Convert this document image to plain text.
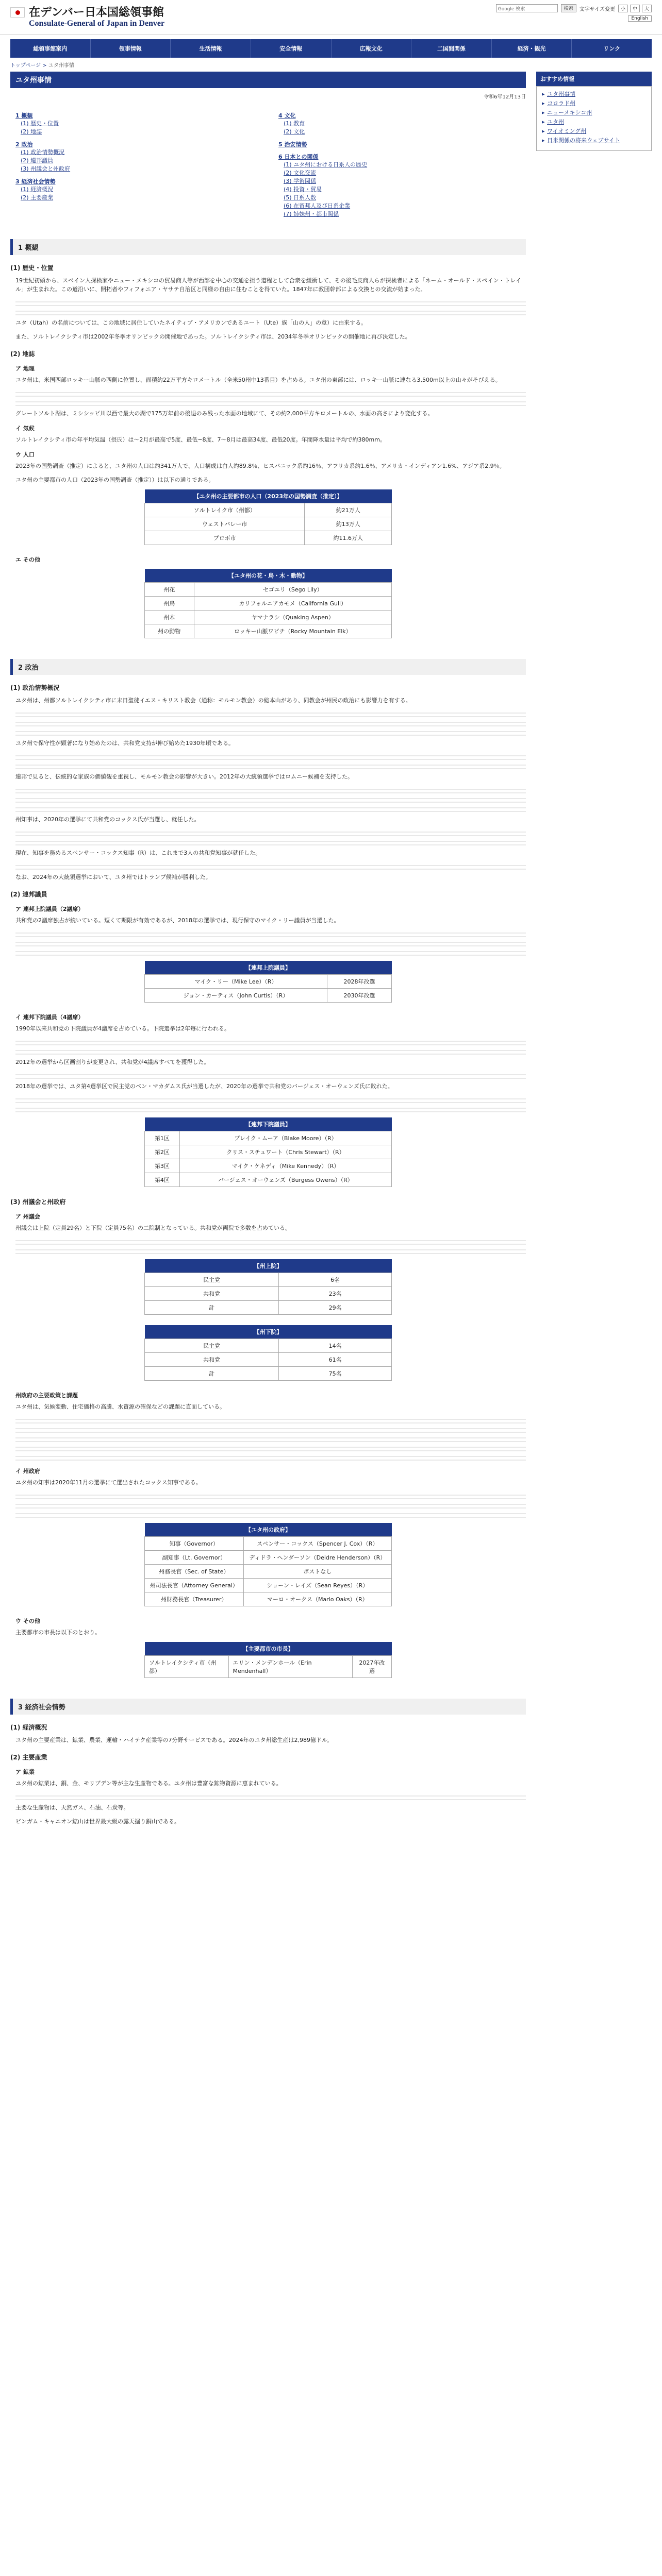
在デンバー日本国総領事館
Consulate-General of Japan in Denver
Google 検索	検索	文字サイズ変更	小	中	大
English
総領事館案内	領事情報	生活情報	安全情報	広報文化	二国間関係	経済・観光	リンク
トップページ > ユタ州事情
ユタ州事情
令和6年12月13日
1 概観
(1) 歴史・位置
(2) 地誌
2 政治
(1) 政治情勢概況
(2) 連邦議員
(3) 州議会と州政府
3 経済社会情勢
(1) 経済概況
(2) 主要産業
4 文化
(1) 教育
(2) 文化
5 治安情勢
6 日本との関係
(1) ユタ州における日系人の歴史
(2) 文化交流
(3) 学術関係
(4) 投資・貿易
(5) 日系人数
(6) 在留邦人及び日系企業
(7) 姉妹州・都市関係
1 概観
(1) 歴史・位置

19世紀初頭から、スペイン人探検家やニュー・メキシコの貿易商人等が西部を中心の交通を担う道程として合衆を緩衝して、その後毛皮商人らが探検者による「ネーム・オールド・スペイン・トレイル」が生まれた。この道沿いに、開拓者やフィフォニア・ヤサテ自治区と同様の自由に住むことを得ていた。1847年に教団幹部による交換との交流が始まった。

ユタ（Utah）の名前については、この地域に居住していたネイティブ・アメリカンであるユート（Ute）族「山の人」の意）に由来する。

また、ソルトレイクシティ市は2002年冬季オリンピックの開催地であった。ソルトレイクシティ市は、2034年冬季オリンピックの開催地に再び決定した。

(2) 地誌
ア 地理

ユタ州は、米国西部ロッキー山脈の西側に位置し、面積約22万平方キロメートル（全米50州中13番目）を占める。ユタ州の東部には、ロッキー山脈に連なる3,500m以上の山々がそびえる。

グレートソルト湖は、ミシシッピ川以西で最大の湖で175万年前の後退のみ残った水面の地域にて、その約2,000平方キロメートルの、水面の高さにより変化する。

イ 気候

ソルトレイクシティ市の年平均気温（摂氏）は〜2月が最高で5度、最低−8度、7〜8月は最高34度、最低20度。年間降水量は平均で約380mm。

ウ 人口

2023年の国勢調査（推定）によると、ユタ州の人口は約341万人で、人口構成は白人約89.8％、ヒスパニック系約16％、アフリカ系約1.6％、アメリカ・インディアン1.6%、アジア系2.9％。

ユタ州の主要都市の人口（2023年の国勢調査（推定））は以下の通りである。

【ユタ州の主要都市の人口（2023年の国勢調査（推定）】	
ソルトレイク市（州都）	約21万人
ウェストバレー市	約13万人
プロボ市	約11.6万人
エ その他
【ユタ州の花・鳥・木・動物】	
州花	セゴユリ（Sego Lily）
州鳥	カリフォルニアカモメ（California Gull）
州木	ヤマナラシ（Quaking Aspen）
州の動物	ロッキー山脈ワピチ（Rocky Mountain Elk）
2 政治
(1) 政治情勢概況

ユタ州は、州都ソルトレイクシティ市に末日聖徒イエス・キリスト教会（通称：モルモン教会）の総本山があり、同教会が州民の政治にも影響力を有する。

ユタ州で保守性が顕著になり始めたのは、共和党支持が伸び始めた1930年頃である。

連邦で見ると、伝統的な家族の価値観を重視し、モルモン教会の影響が大きい。2012年の大統領選挙ではロムニー候補を支持した。

州知事は、2020年の選挙にて共和党のコックス氏が当選し、就任した。

現在、知事を務めるスペンサー・コックス知事（R）は、これまで3人の共和党知事が就任した。

なお、2024年の大統領選挙において、ユタ州ではトランプ候補が勝利した。

(2) 連邦議員
ア 連邦上院議員（2議席）

共和党の2議席独占が続いている。短くて期限が有効であるが、2018年の選挙では、現行保守のマイク・リー議員が当選した。

【連邦上院議員】	
マイク・リー（Mike Lee）（R）	2028年改選
ジョン・カーティス（John Curtis）（R）	2030年改選
イ 連邦下院議員（4議席）

1990年以来共和党の下院議員が4議席を占めている。下院選挙は2年毎に行われる。

2012年の選挙から区画割りが変更され、共和党が4議席すべてを獲得した。

2018年の選挙では、ユタ第4選挙区で民主党のベン・マカダムス氏が当選したが、2020年の選挙で共和党のバージェス・オーウェンズ氏に敗れた。

【連邦下院議員】	
第1区	ブレイク・ムーア（Blake Moore）（R）
第2区	クリス・スチュワート（Chris Stewart）（R）
第3区	マイク・ケネディ（Mike Kennedy）（R）
第4区	バージェス・オーウェンズ（Burgess Owens）（R）
(3) 州議会と州政府
ア 州議会

州議会は上院（定員29名）と下院（定員75名）の二院制となっている。共和党が両院で多数を占めている。

【州上院】	
民主党	6名
共和党	23名
計	29名
【州下院】	
民主党	14名
共和党	61名
計	75名
州政府の主要政策と課題

ユタ州は、気候変動、住宅価格の高騰、水資源の確保などの課題に直面している。

イ 州政府

ユタ州の知事は2020年11月の選挙にて選出されたコックス知事である。

【ユタ州の政府】	
知事（Governor）	スペンサー・コックス（Spencer J. Cox）（R）
副知事（Lt. Governor）	ディドラ・ヘンダーソン（Deidre Henderson）（R）
州務長官（Sec. of State）	ポストなし
州司法長官（Attorney General）	ショーン・レイズ（Sean Reyes）（R）
州財務長官（Treasurer）	マーロ・オークス（Marlo Oaks）（R）
ウ その他

主要都市の市長は以下のとおり。

【主要都市の市長】
ソルトレイクシティ市（州都）	エリン・メンデンホール（Erin Mendenhall）	2027年改選
3 経済社会情勢
(1) 経済概況

ユタ州の主要産業は、鉱業、農業、運輸・ハイテク産業等の7分野サービスである。2024年のユタ州総生産は2,989億ドル。

(2) 主要産業
ア 鉱業

ユタ州の鉱業は、銅、金、モリブデン等が主な生産物である。ユタ州は豊富な鉱物資源に恵まれている。

主要な生産物は、天然ガス、石油、石炭等。

ビンガム・キャニオン鉱山は世界最大級の露天掘り銅山である。

おすすめ情報
▸ ユタ州事情
▸ コロラド州
▸ ニューメキシコ州
▸ ユタ州
▸ ワイオミング州
▸ 日米関係の将来ウェブサイト
